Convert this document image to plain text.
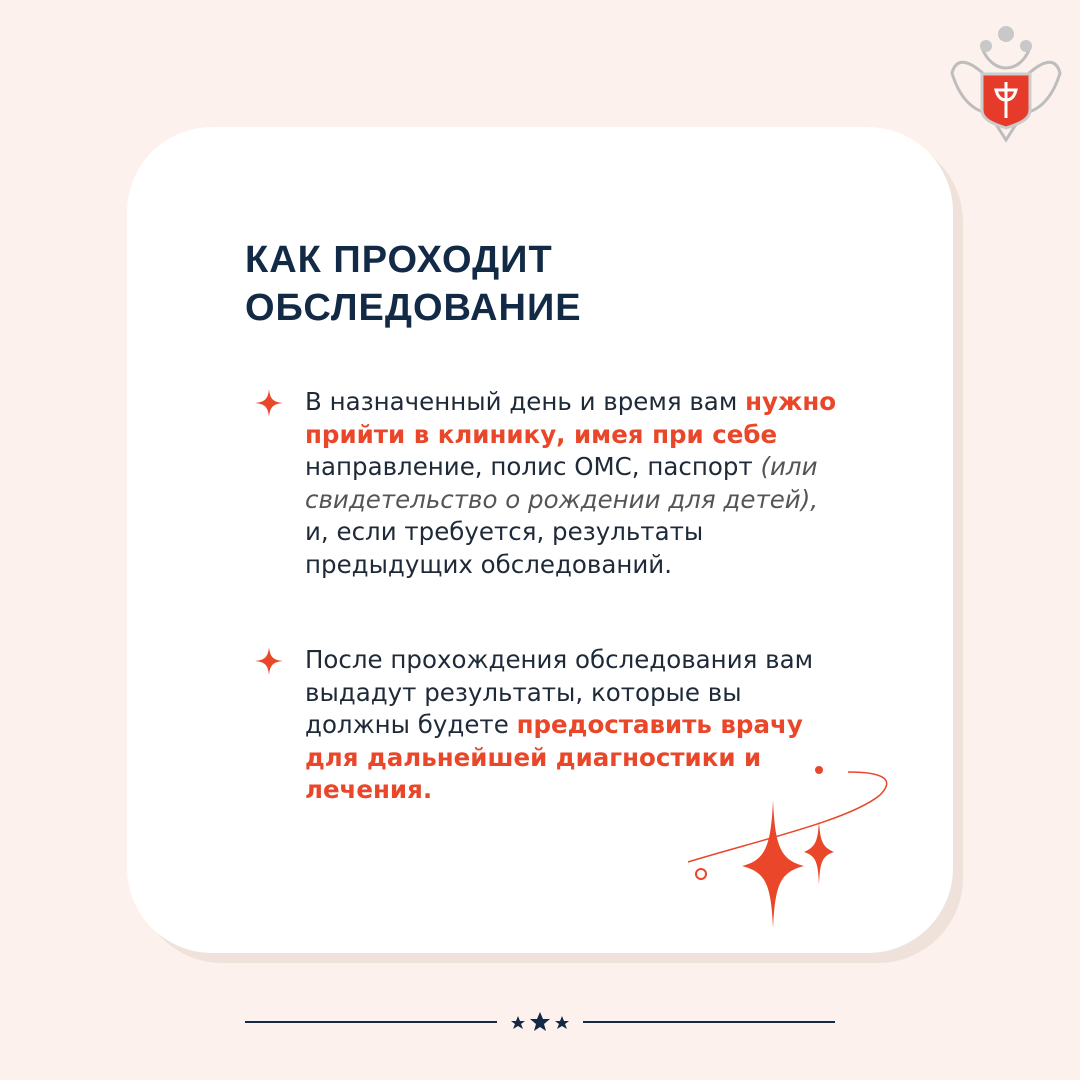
КАК ПРОХОДИТ
ОБСЛЕДОВАНИЕ
В назначенный день и время вам нужно прийти в клинику, имея при себе направление, полис ОМС, паспорт (или свидетельство о рождении для детей), и, если требуется, результаты предыдущих обследований.
После прохождения обследования вам выдадут результаты, которые вы должны будете предоставить врачу для дальнейшей диагностики и лечения.
